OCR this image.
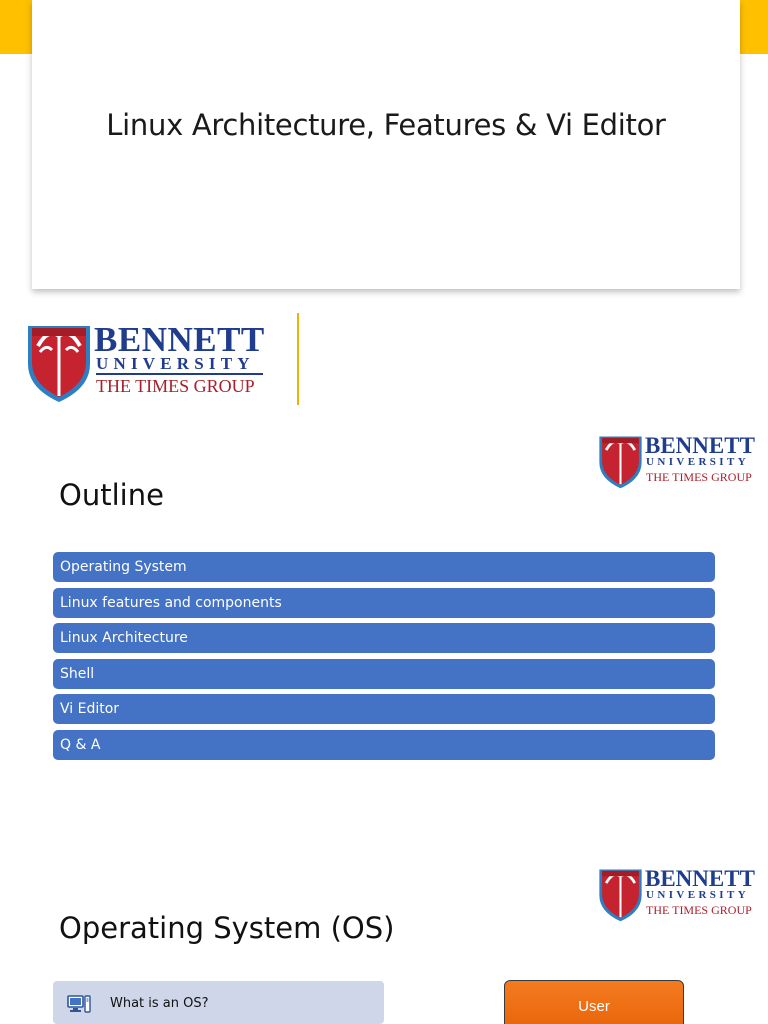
Linux Architecture, Features & Vi Editor
BENNETT
UNIVERSITY
THE TIMES GROUP
BENNETT
UNIVERSITY
THE TIMES GROUP
Outline
Operating System
Linux features and components
Linux Architecture
Shell
Vi Editor
Q & A
BENNETT
UNIVERSITY
THE TIMES GROUP
Operating System (OS)
What is an OS?	User
